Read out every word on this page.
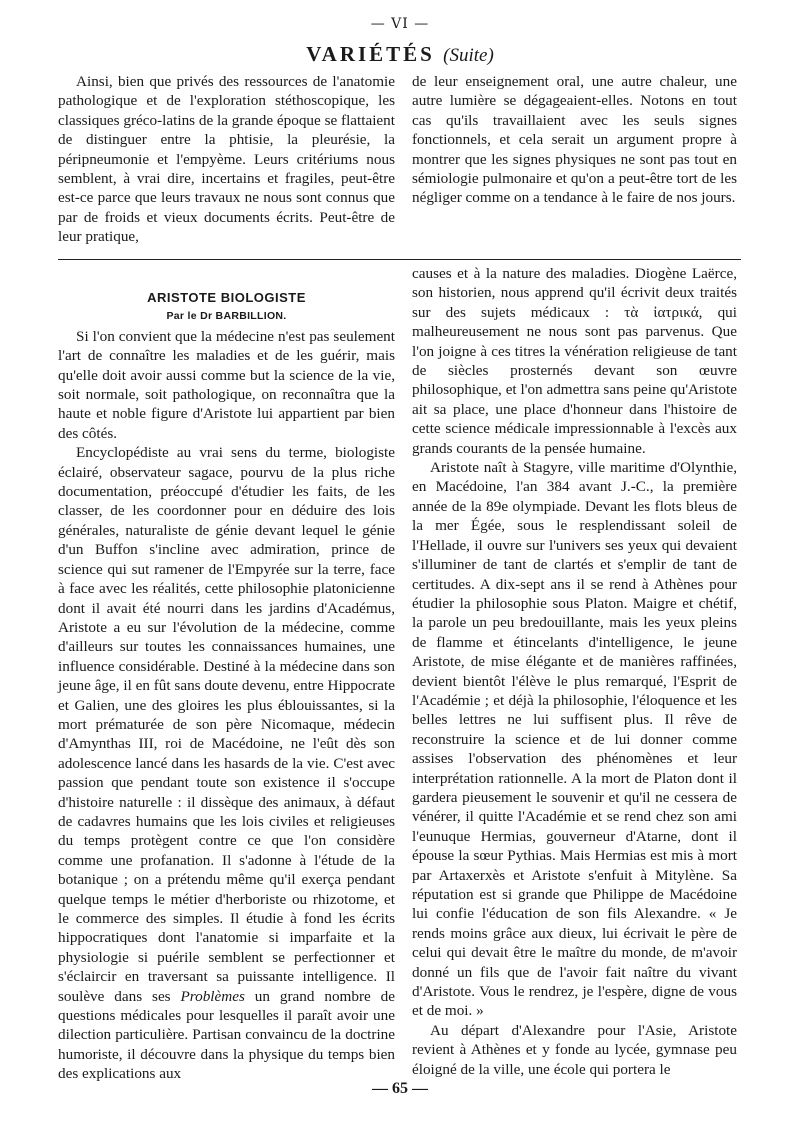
— VI —
VARIÉTÉS (Suite)

Ainsi, bien que privés des ressources de l'anatomie pathologique et de l'exploration stéthoscopique, les classiques gréco-latins de la grande époque se flattaient de distinguer entre la phtisie, la pleurésie, la péripneumonie et l'empyème. Leurs critériums nous semblent, à vrai dire, incertains et fragiles, peut-être est-ce parce que leurs travaux ne nous sont connus que par de froids et vieux documents écrits. Peut-être de leur pratique,

de leur enseignement oral, une autre chaleur, une autre lumière se dégageaient-elles. Notons en tout cas qu'ils travaillaient avec les seuls signes fonctionnels, et cela serait un argument propre à montrer que les signes physiques ne sont pas tout en sémiologie pulmonaire et qu'on a peut-être tort de les négliger comme on a tendance à le faire de nos jours.

ARISTOTE BIOLOGISTE

Par le Dr BARBILLION.

Si l'on convient que la médecine n'est pas seulement l'art de connaître les maladies et de les guérir, mais qu'elle doit avoir aussi comme but la science de la vie, soit normale, soit pathologique, on reconnaîtra que la haute et noble figure d'Aristote lui appartient par bien des côtés.

Encyclopédiste au vrai sens du terme, biologiste éclairé, observateur sagace, pourvu de la plus riche documentation, préoccupé d'étudier les faits, de les classer, de les coordonner pour en déduire des lois générales, naturaliste de génie devant lequel le génie d'un Buffon s'incline avec admiration, prince de science qui sut ramener de l'Empyrée sur la terre, face à face avec les réalités, cette philosophie platonicienne dont il avait été nourri dans les jardins d'Académus, Aristote a eu sur l'évolution de la médecine, comme d'ailleurs sur toutes les connaissances humaines, une influence considérable. Destiné à la médecine dans son jeune âge, il en fût sans doute devenu, entre Hippocrate et Galien, une des gloires les plus éblouissantes, si la mort prématurée de son père Nicomaque, médecin d'Amynthas III, roi de Macédoine, ne l'eût dès son adolescence lancé dans les hasards de la vie. C'est avec passion que pendant toute son existence il s'occupe d'histoire naturelle : il dissèque des animaux, à défaut de cadavres humains que les lois civiles et religieuses du temps protègent contre ce que l'on considère comme une profanation. Il s'adonne à l'étude de la botanique ; on a prétendu même qu'il exerça pendant quelque temps le métier d'herboriste ou rhizotome, et le commerce des simples. Il étudie à fond les écrits hippocratiques dont l'anatomie si imparfaite et la physiologie si puérile semblent se perfectionner et s'éclaircir en traversant sa puissante intelligence. Il soulève dans ses Problèmes un grand nombre de questions médicales pour lesquelles il paraît avoir une dilection particulière. Partisan convaincu de la doctrine humoriste, il découvre dans la physique du temps bien des explications aux

causes et à la nature des maladies. Diogène Laërce, son historien, nous apprend qu'il écrivit deux traités sur des sujets médicaux : τὰ ἰατρικά, qui malheureusement ne nous sont pas parvenus. Que l'on joigne à ces titres la vénération religieuse de tant de siècles prosternés devant son œuvre philosophique, et l'on admettra sans peine qu'Aristote ait sa place, une place d'honneur dans l'histoire de cette science médicale impressionnable à l'excès aux grands courants de la pensée humaine.

Aristote naît à Stagyre, ville maritime d'Olynthie, en Macédoine, l'an 384 avant J.-C., la première année de la 89e olympiade. Devant les flots bleus de la mer Égée, sous le resplendissant soleil de l'Hellade, il ouvre sur l'univers ses yeux qui devaient s'illuminer de tant de clartés et s'emplir de tant de certitudes. A dix-sept ans il se rend à Athènes pour étudier la philosophie sous Platon. Maigre et chétif, la parole un peu bredouillante, mais les yeux pleins de flamme et étincelants d'intelligence, le jeune Aristote, de mise élégante et de manières raffinées, devient bientôt l'élève le plus remarqué, l'Esprit de l'Académie ; et déjà la philosophie, l'éloquence et les belles lettres ne lui suffisent plus. Il rêve de reconstruire la science et de lui donner comme assises l'observation des phénomènes et leur interprétation rationnelle. A la mort de Platon dont il gardera pieusement le souvenir et qu'il ne cessera de vénérer, il quitte l'Académie et se rend chez son ami l'eunuque Hermias, gouverneur d'Atarne, dont il épouse la sœur Pythias. Mais Hermias est mis à mort par Artaxerxès et Aristote s'enfuit à Mitylène. Sa réputation est si grande que Philippe de Macédoine lui confie l'éducation de son fils Alexandre. « Je rends moins grâce aux dieux, lui écrivait le père de celui qui devait être le maître du monde, de m'avoir donné un fils que de l'avoir fait naître du vivant d'Aristote. Vous le rendrez, je l'espère, digne de vous et de moi. »

Au départ d'Alexandre pour l'Asie, Aristote revient à Athènes et y fonde au lycée, gymnase peu éloigné de la ville, une école qui portera le

— 65 —
